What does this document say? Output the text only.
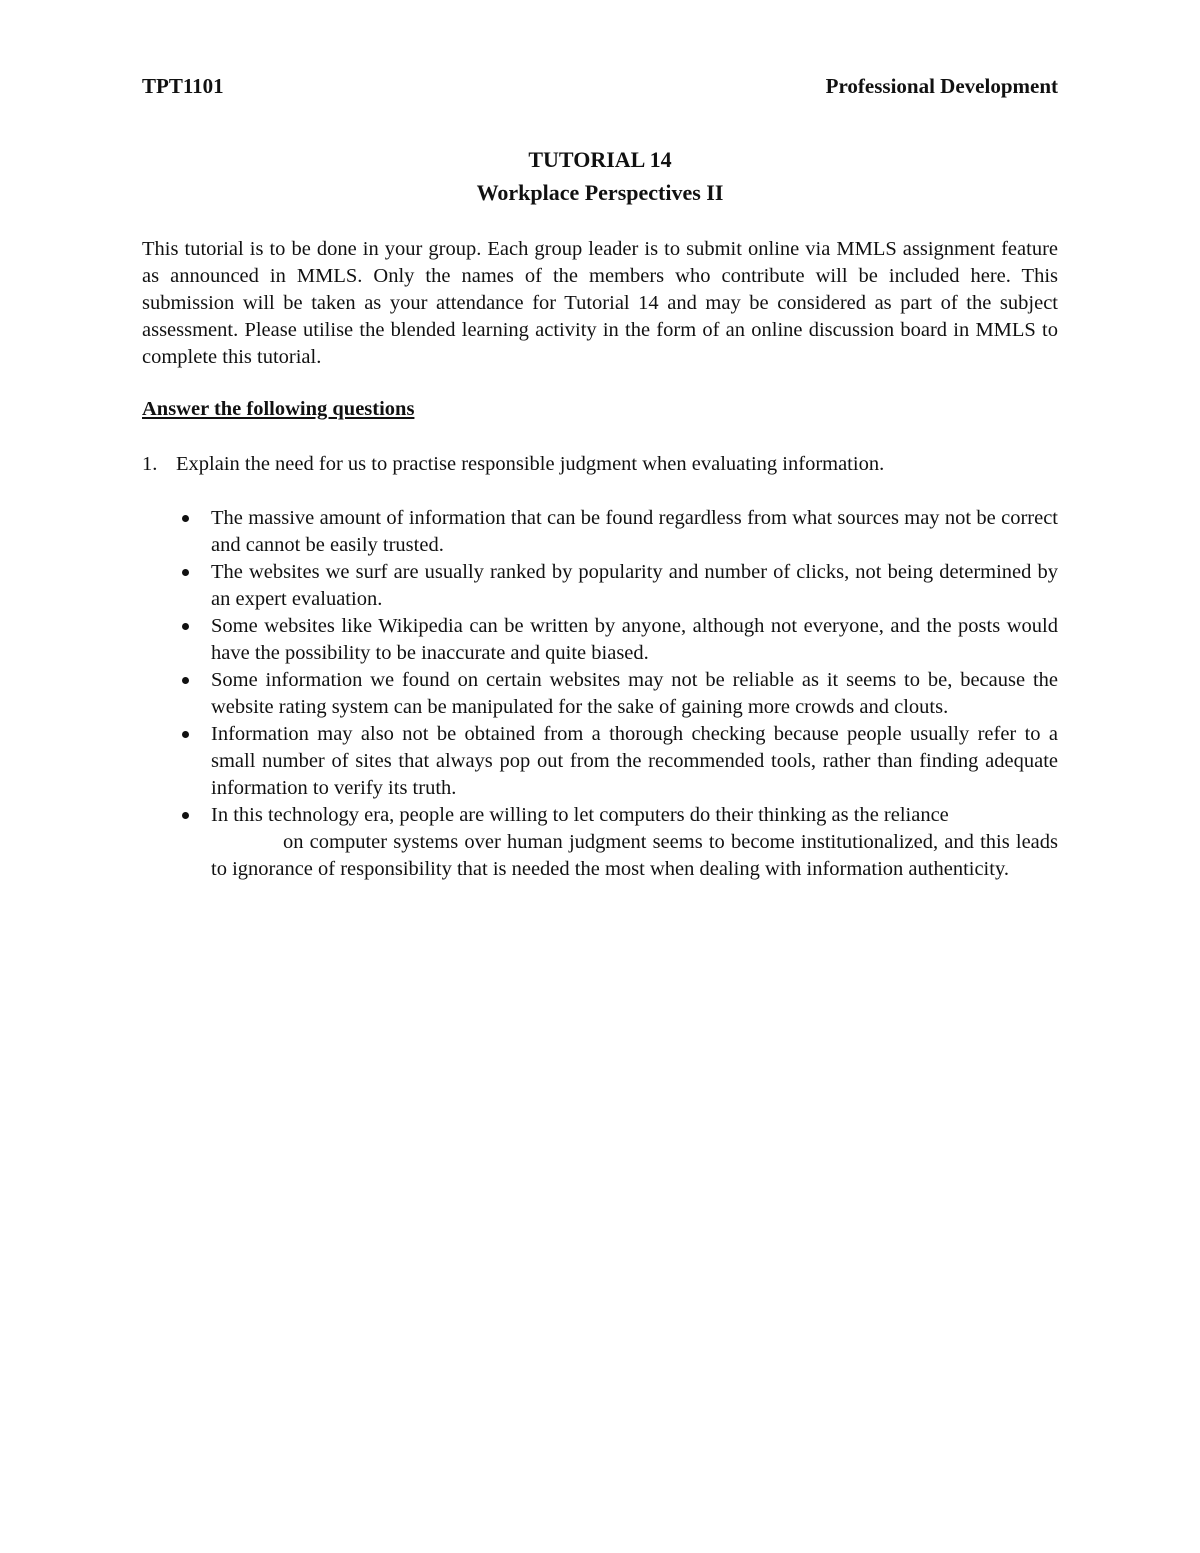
TPT1101	Professional Development
TUTORIAL 14
Workplace Perspectives II

This tutorial is to be done in your group. Each group leader is to submit online via MMLS assignment feature as announced in MMLS. Only the names of the members who contribute will be included here. This submission will be taken as your attendance for Tutorial 14 and may be considered as part of the subject assessment. Please utilise the blended learning activity in the form of an online discussion board in MMLS to complete this tutorial.

Answer the following questions

1. Explain the need for us to practise responsible judgment when evaluating information.

The massive amount of information that can be found regardless from what sources may not be correct and cannot be easily trusted.
The websites we surf are usually ranked by popularity and number of clicks, not being determined by an expert evaluation.
Some websites like Wikipedia can be written by anyone, although not everyone, and the posts would have the possibility to be inaccurate and quite biased.
Some information we found on certain websites may not be reliable as it seems to be, because the website rating system can be manipulated for the sake of gaining more crowds and clouts.
Information may also not be obtained from a thorough checking because people usually refer to a small number of sites that always pop out from the recommended tools, rather than finding adequate information to verify its truth.
In this technology era, people are willing to let computers do their thinking as the reliance
on computer systems over human judgment seems to become institutionalized, and this leads to ignorance of responsibility that is needed the most when dealing with information authenticity.
